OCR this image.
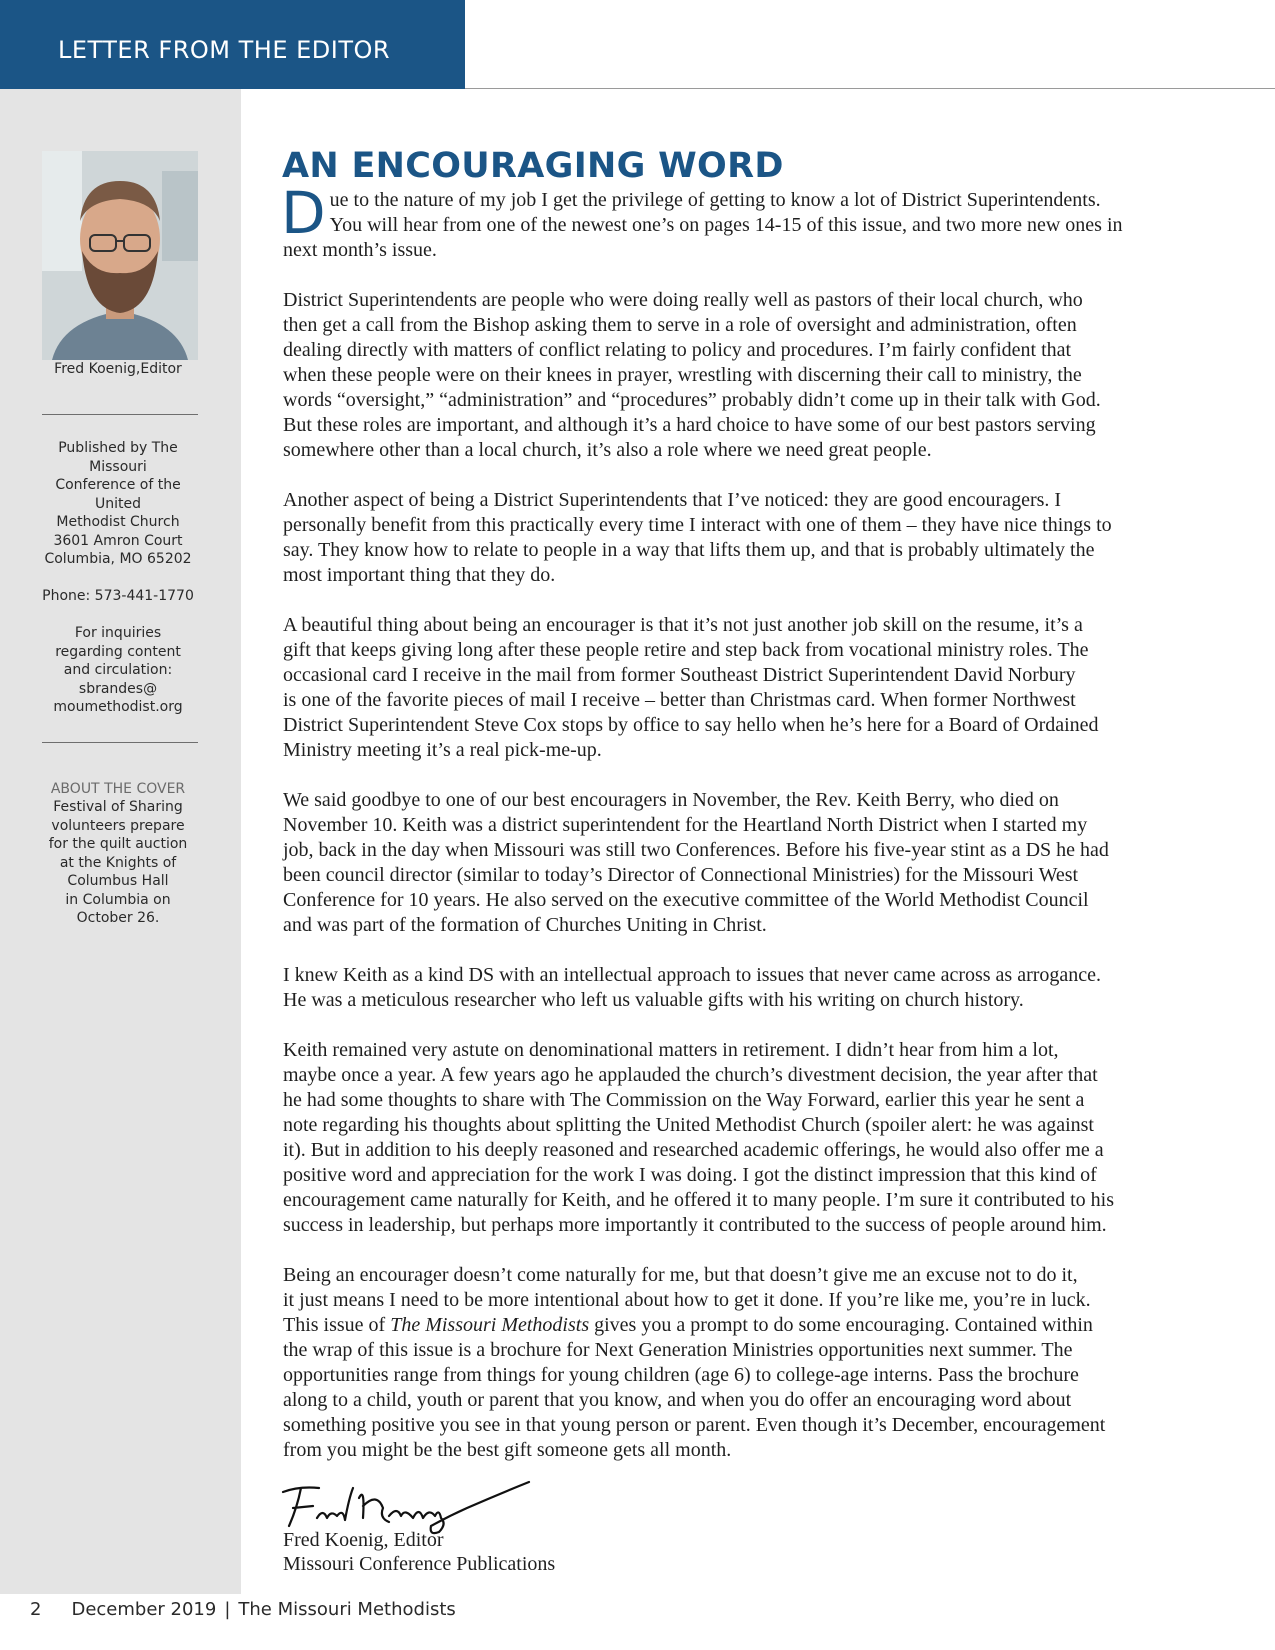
LETTER FROM THE EDITOR

Fred Koenig,Editor

Published by The
Missouri
Conference of the
United
Methodist Church
3601 Amron Court
Columbia, MO 65202

Phone: 573-441-1770

For inquiries
regarding content
and circulation:
sbrandes@
moumethodist.org

ABOUT THE COVER
Festival of Sharing
volunteers prepare
for the quilt auction
at the Knights of
Columbus Hall
in Columbia on
October 26.

AN ENCOURAGING WORD

Due to the nature of my job I get the privilege of getting to know a lot of District Superintendents.
You will hear from one of the newest one’s on pages 14-15 of this issue, and two more new ones in
next month’s issue.

District Superintendents are people who were doing really well as pastors of their local church, who
then get a call from the Bishop asking them to serve in a role of oversight and administration, often
dealing directly with matters of conflict relating to policy and procedures. I’m fairly confident that
when these people were on their knees in prayer, wrestling with discerning their call to ministry, the
words “oversight,” “administration” and “procedures” probably didn’t come up in their talk with God.
But these roles are important, and although it’s a hard choice to have some of our best pastors serving
somewhere other than a local church, it’s also a role where we need great people.

Another aspect of being a District Superintendents that I’ve noticed: they are good encouragers. I
personally benefit from this practically every time I interact with one of them – they have nice things to
say. They know how to relate to people in a way that lifts them up, and that is probably ultimately the
most important thing that they do.

A beautiful thing about being an encourager is that it’s not just another job skill on the resume, it’s a
gift that keeps giving long after these people retire and step back from vocational ministry roles. The
occasional card I receive in the mail from former Southeast District Superintendent David Norbury
is one of the favorite pieces of mail I receive – better than Christmas card. When former Northwest
District Superintendent Steve Cox stops by office to say hello when he’s here for a Board of Ordained
Ministry meeting it’s a real pick-me-up.

We said goodbye to one of our best encouragers in November, the Rev. Keith Berry, who died on
November 10. Keith was a district superintendent for the Heartland North District when I started my
job, back in the day when Missouri was still two Conferences. Before his five-year stint as a DS he had
been council director (similar to today’s Director of Connectional Ministries) for the Missouri West
Conference for 10 years. He also served on the executive committee of the World Methodist Council
and was part of the formation of Churches Uniting in Christ.

I knew Keith as a kind DS with an intellectual approach to issues that never came across as arrogance.
He was a meticulous researcher who left us valuable gifts with his writing on church history.

Keith remained very astute on denominational matters in retirement. I didn’t hear from him a lot,
maybe once a year. A few years ago he applauded the church’s divestment decision, the year after that
he had some thoughts to share with The Commission on the Way Forward, earlier this year he sent a
note regarding his thoughts about splitting the United Methodist Church (spoiler alert: he was against
it). But in addition to his deeply reasoned and researched academic offerings, he would also offer me a
positive word and appreciation for the work I was doing. I got the distinct impression that this kind of
encouragement came naturally for Keith, and he offered it to many people. I’m sure it contributed to his
success in leadership, but perhaps more importantly it contributed to the success of people around him.

Being an encourager doesn’t come naturally for me, but that doesn’t give me an excuse not to do it,
it just means I need to be more intentional about how to get it done. If you’re like me, you’re in luck.
This issue of The Missouri Methodists gives you a prompt to do some encouraging. Contained within
the wrap of this issue is a brochure for Next Generation Ministries opportunities next summer. The
opportunities range from things for young children (age 6) to college-age interns. Pass the brochure
along to a child, youth or parent that you know, and when you do offer an encouraging word about
something positive you see in that young person or parent. Even though it’s December, encouragement
from you might be the best gift someone gets all month.

Fred Koenig, Editor
Missouri Conference Publications
2 December 2019 | The Missouri Methodists
